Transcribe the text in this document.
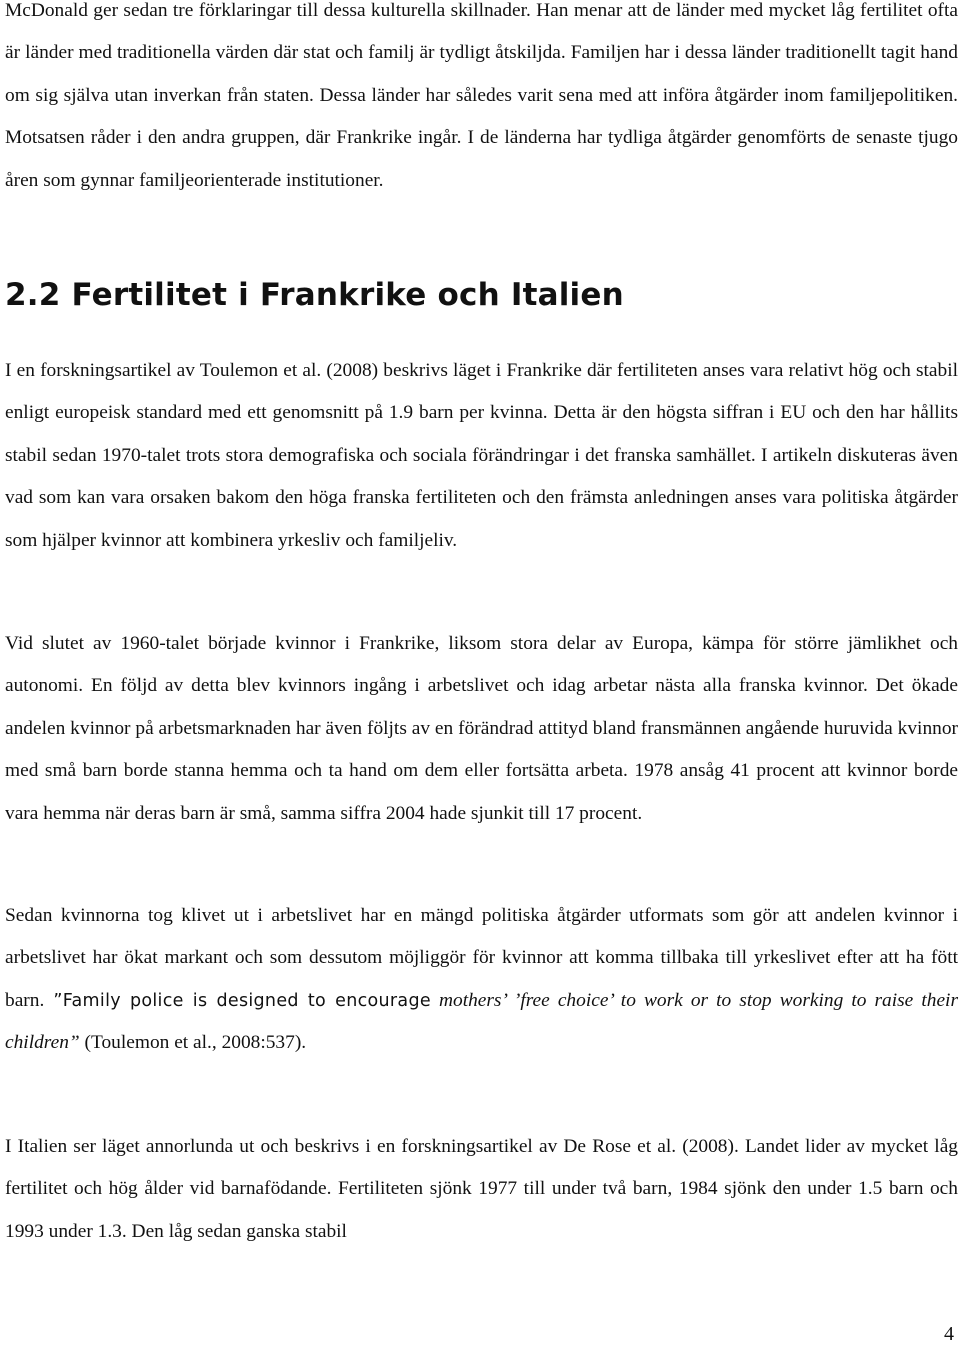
McDonald ger sedan tre förklaringar till dessa kulturella skillnader. Han menar att de länder med mycket låg fertilitet ofta är länder med traditionella värden där stat och familj är tydligt åtskiljda. Familjen har i dessa länder traditionellt tagit hand om sig själva utan inverkan från staten. Dessa länder har således varit sena med att införa åtgärder inom familjepolitiken. Motsatsen råder i den andra gruppen, där Frankrike ingår. I de länderna har tydliga åtgärder genomförts de senaste tjugo åren som gynnar familjeorienterade institutioner.

2.2 Fertilitet i Frankrike och Italien

I en forskningsartikel av Toulemon et al. (2008) beskrivs läget i Frankrike där fertiliteten anses vara relativt hög och stabil enligt europeisk standard med ett genomsnitt på 1.9 barn per kvinna. Detta är den högsta siffran i EU och den har hållits stabil sedan 1970-talet trots stora demografiska och sociala förändringar i det franska samhället. I artikeln diskuteras även vad som kan vara orsaken bakom den höga franska fertiliteten och den främsta anledningen anses vara politiska åtgärder som hjälper kvinnor att kombinera yrkesliv och familjeliv.

Vid slutet av 1960-talet började kvinnor i Frankrike, liksom stora delar av Europa, kämpa för större jämlikhet och autonomi. En följd av detta blev kvinnors ingång i arbetslivet och idag arbetar nästa alla franska kvinnor. Det ökade andelen kvinnor på arbetsmarknaden har även följts av en förändrad attityd bland fransmännen angående huruvida kvinnor med små barn borde stanna hemma och ta hand om dem eller fortsätta arbeta. 1978 ansåg 41 procent att kvinnor borde vara hemma när deras barn är små, samma siffra 2004 hade sjunkit till 17 procent.

Sedan kvinnorna tog klivet ut i arbetslivet har en mängd politiska åtgärder utformats som gör att andelen kvinnor i arbetslivet har ökat markant och som dessutom möjliggör för kvinnor att komma tillbaka till yrkeslivet efter att ha fött barn. ”Family police is designed to encourage mothers’ ’free choice’ to work or to stop working to raise their children” (Toulemon et al., 2008:537).

I Italien ser läget annorlunda ut och beskrivs i en forskningsartikel av De Rose et al. (2008). Landet lider av mycket låg fertilitet och hög ålder vid barnafödande. Fertiliteten sjönk 1977 till under två barn, 1984 sjönk den under 1.5 barn och 1993 under 1.3. Den låg sedan ganska stabil

4
